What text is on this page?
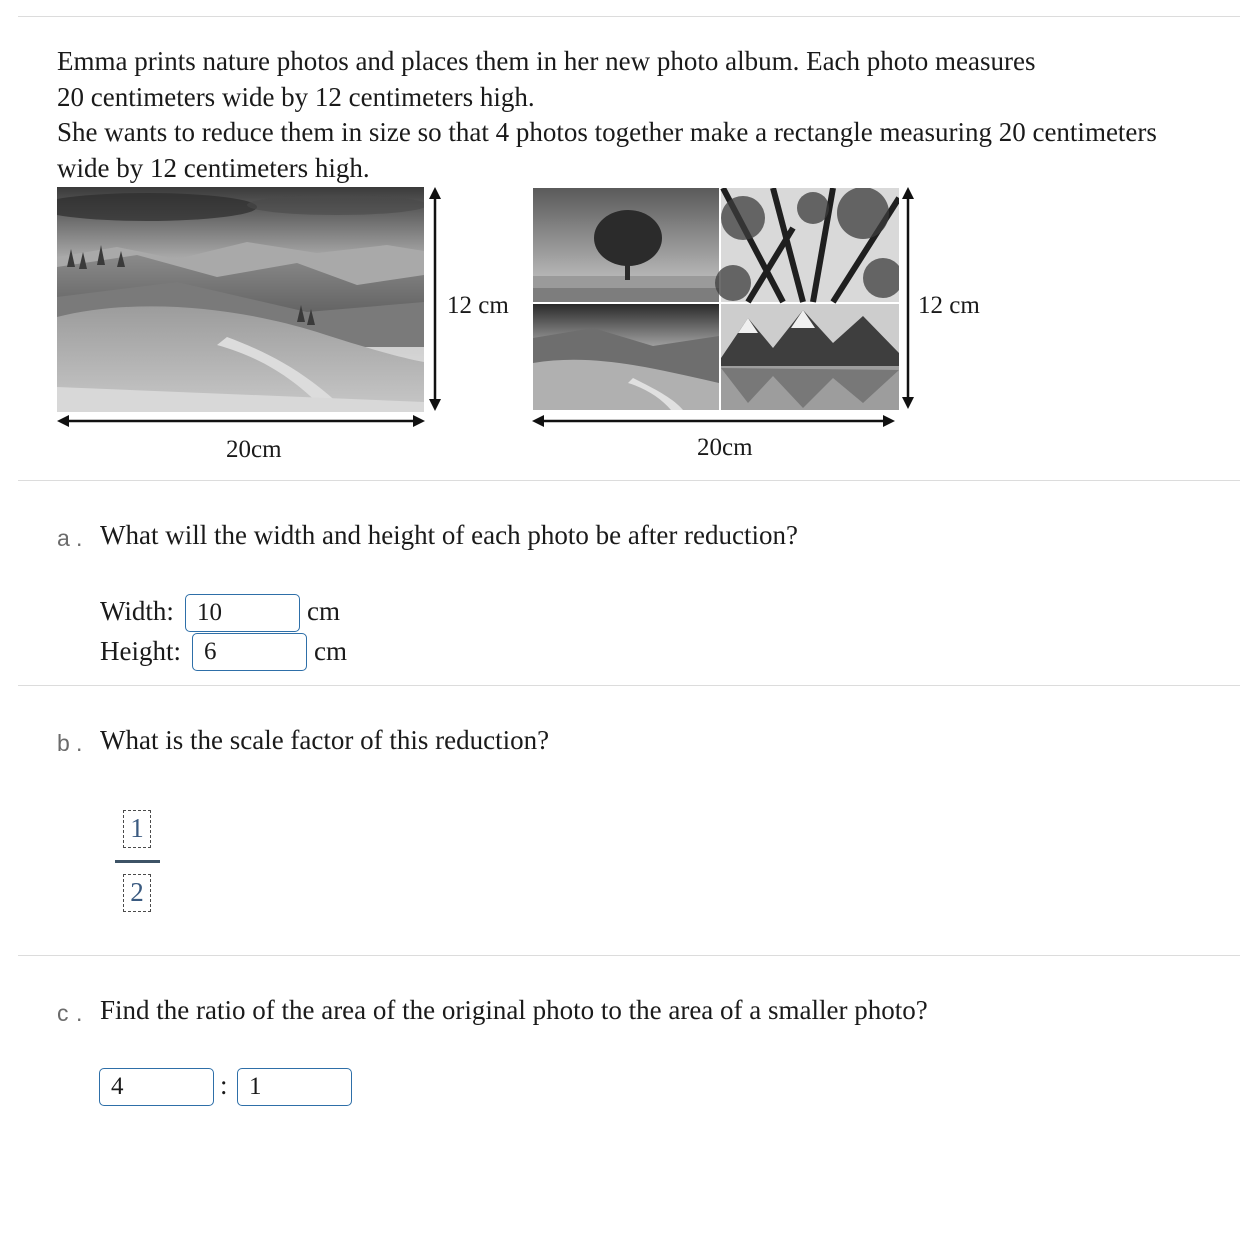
Emma prints nature photos and places them in her new photo album. Each photo measures
20 centimeters wide by 12 centimeters high.
She wants to reduce them in size so that 4 photos together make a rectangle measuring 20 centimeters
wide by 12 centimeters high.
12 cm
20cm
12 cm
20cm
a . What will the width and height of each photo be after reduction?
Width:
10	cm
Height:
6	cm
b . What is the scale factor of this reduction?
1
2
c . Find the ratio of the area of the original photo to the area of a smaller photo?
4
:
1
